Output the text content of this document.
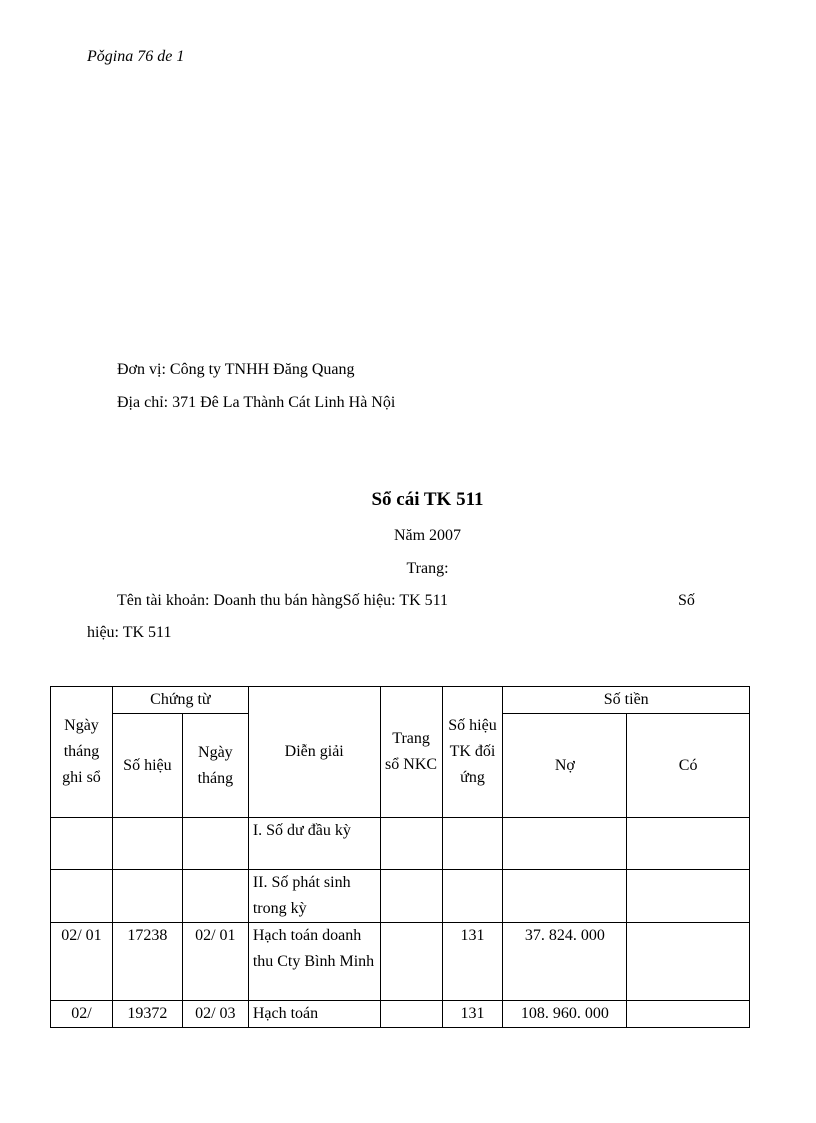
Pǒgina 76 de 1
Đơn vị: Công ty TNHH Đăng Quang
Địa chỉ: 371 Đê La Thành Cát Linh Hà Nội
Sổ cái TK 511
Năm 2007
Trang:
Tên tài khoản: Doanh thu bán hàngSố hiệu: TK 511	Số
hiệu: TK 511
Ngày tháng ghi sổ	Chứng từ		Diễn giải	Trang sổ NKC	Số hiệu TK đối ứng	Số tiền	
	Số hiệu	Ngày tháng				Nợ	Có
			I. Số dư đầu kỳ				
			II. Số phát sinh trong kỳ				
02/ 01	17238	02/ 01	Hạch toán doanh thu Cty Bình Minh		131	37. 824. 000	
02/	19372	02/ 03	Hạch toán		131	108. 960. 000	
